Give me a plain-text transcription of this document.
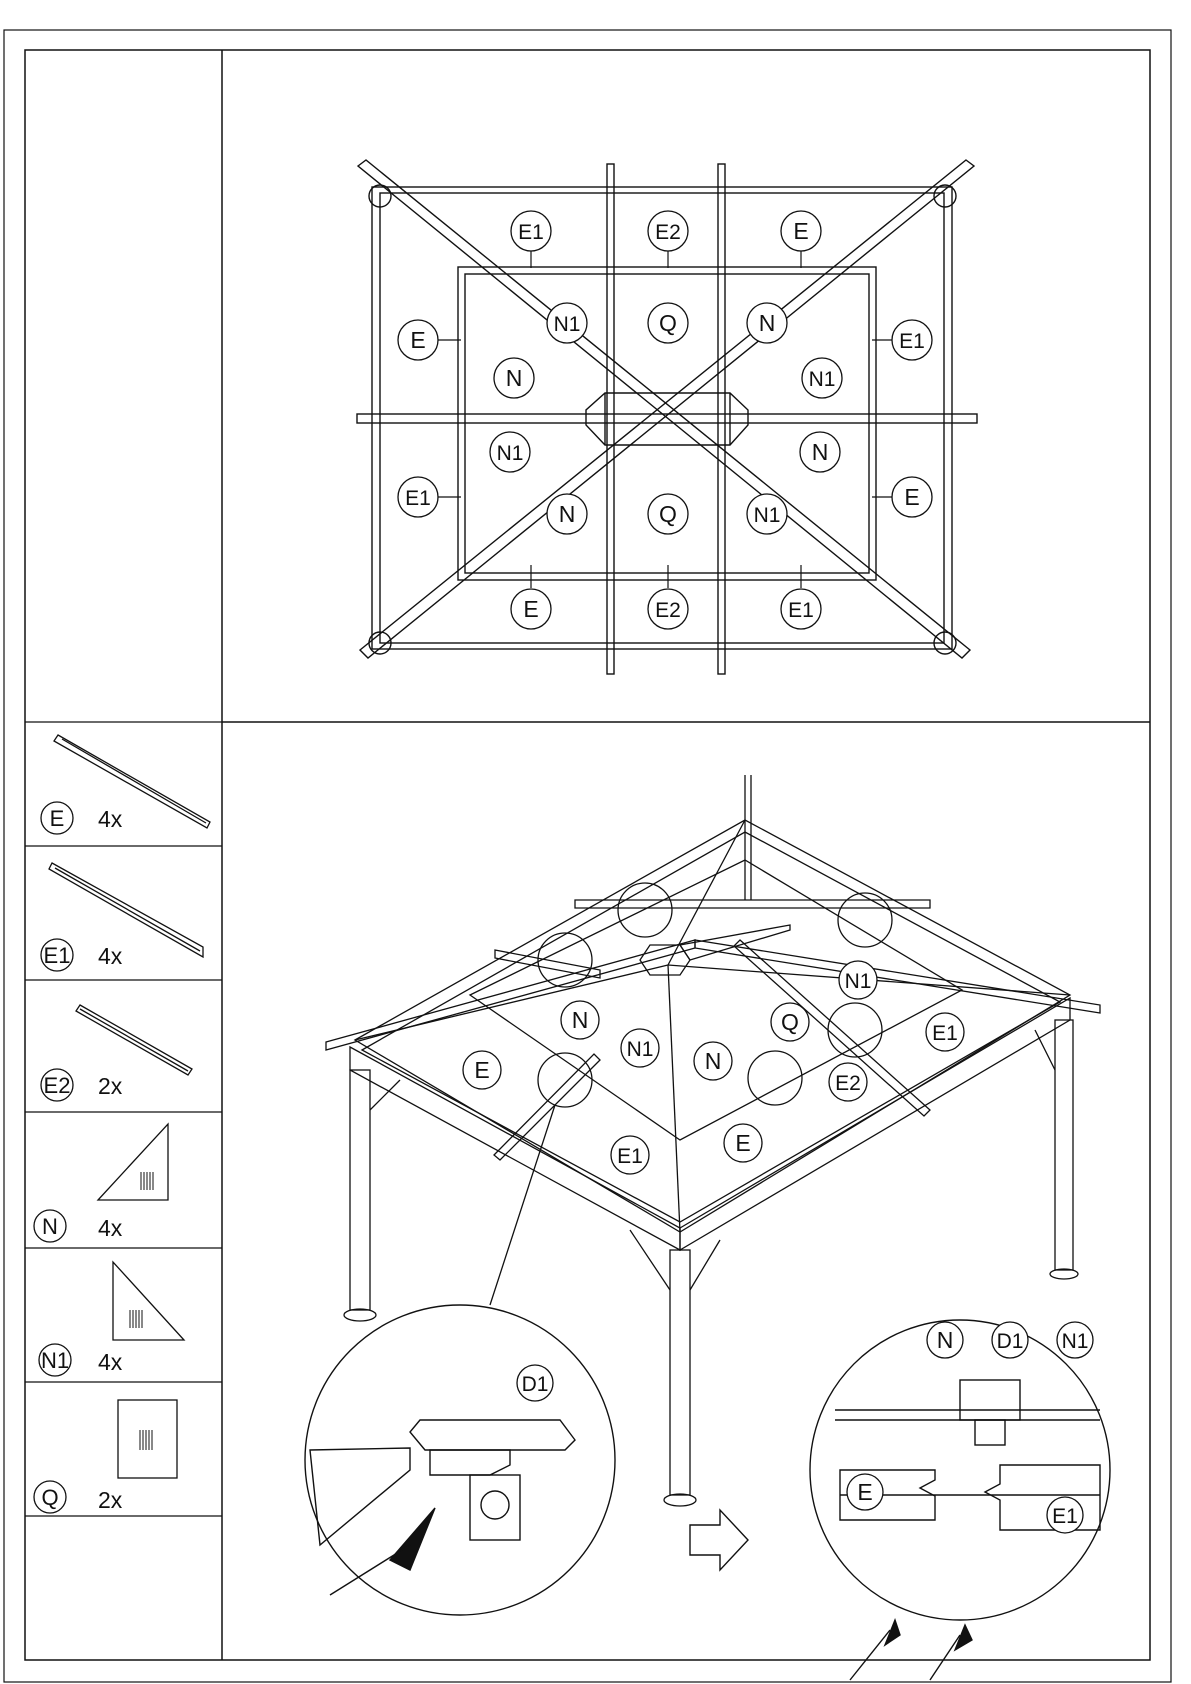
E 4x
E1 4x
E2 2x
N 4x
N1 4x
Q 2x
E1	E2	E
E	E1
N1	Q	N
N	N1
N1	N
E1	E
N	Q	N1
E	E2	E1
N1
N	Q	E1
N1
E	N
E2
E1
E
D1
N D1 N1
E
E1
